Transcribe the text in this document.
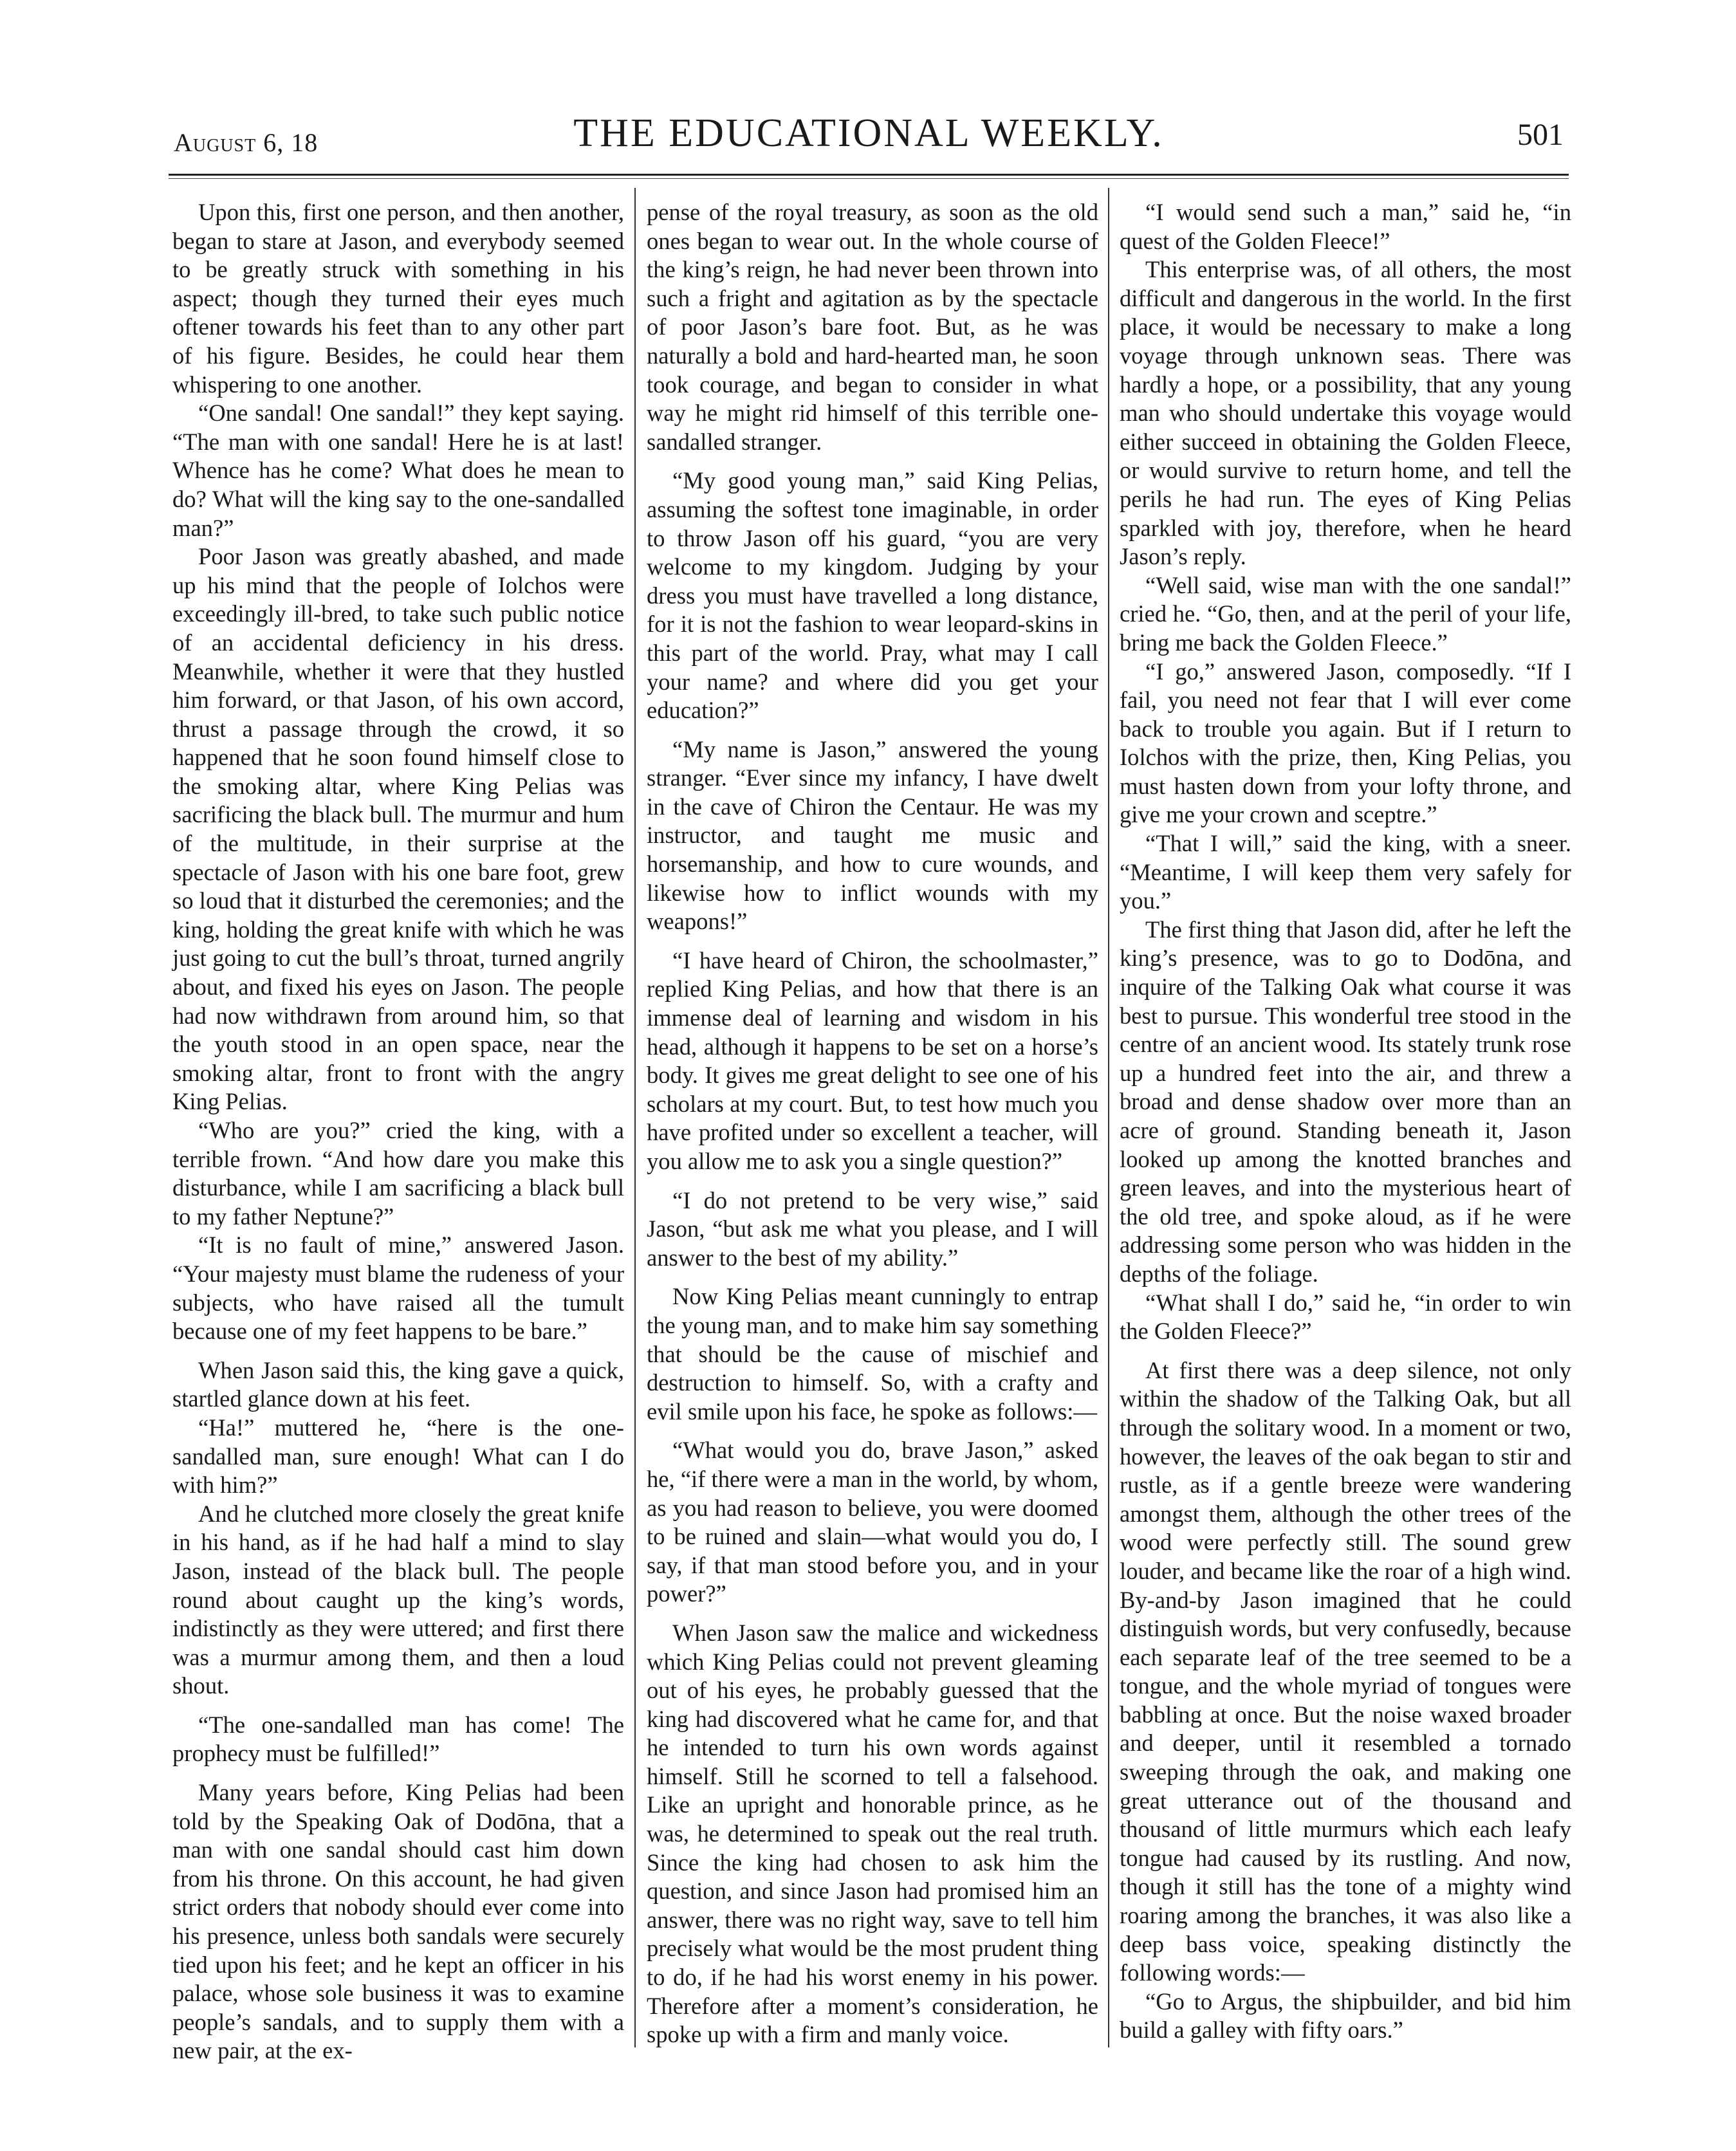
August 6, 18	THE EDUCATIONAL WEEKLY.	501

Upon this, first one person, and then another, began to stare at Jason, and everybody seemed to be greatly struck with something in his aspect; though they turned their eyes much oftener towards his feet than to any other part of his figure. Besides, he could hear them whispering to one another.

“One sandal! One sandal!” they kept saying. “The man with one sandal! Here he is at last! Whence has he come? What does he mean to do? What will the king say to the one-sandalled man?”

Poor Jason was greatly abashed, and made up his mind that the people of Iolchos were exceedingly ill-bred, to take such public notice of an accidental deficiency in his dress. Meanwhile, whether it were that they hustled him forward, or that Jason, of his own accord, thrust a passage through the crowd, it so happened that he soon found himself close to the smoking altar, where King Pelias was sacrificing the black bull. The murmur and hum of the multitude, in their surprise at the spectacle of Jason with his one bare foot, grew so loud that it disturbed the ceremonies; and the king, holding the great knife with which he was just going to cut the bull’s throat, turned angrily about, and fixed his eyes on Jason. The people had now withdrawn from around him, so that the youth stood in an open space, near the smoking altar, front to front with the angry King Pelias.

“Who are you?” cried the king, with a terrible frown. “And how dare you make this disturbance, while I am sacrificing a black bull to my father Neptune?”

“It is no fault of mine,” answered Jason. “Your majesty must blame the rudeness of your subjects, who have raised all the tumult because one of my feet happens to be bare.”

When Jason said this, the king gave a quick, startled glance down at his feet.

“Ha!” muttered he, “here is the one-sandalled man, sure enough! What can I do with him?”

And he clutched more closely the great knife in his hand, as if he had half a mind to slay Jason, instead of the black bull. The people round about caught up the king’s words, indistinctly as they were uttered; and first there was a murmur among them, and then a loud shout.

“The one-sandalled man has come! The prophecy must be fulfilled!”

Many years before, King Pelias had been told by the Speaking Oak of Dodōna, that a man with one sandal should cast him down from his throne. On this account, he had given strict orders that nobody should ever come into his presence, unless both sandals were securely tied upon his feet; and he kept an officer in his palace, whose sole business it was to examine people’s sandals, and to supply them with a new pair, at the ex-

pense of the royal treasury, as soon as the old ones began to wear out. In the whole course of the king’s reign, he had never been thrown into such a fright and agitation as by the spectacle of poor Jason’s bare foot. But, as he was naturally a bold and hard-hearted man, he soon took courage, and began to consider in what way he might rid himself of this terrible one-sandalled stranger.

“My good young man,” said King Pelias, assuming the softest tone imaginable, in order to throw Jason off his guard, “you are very welcome to my kingdom. Judging by your dress you must have travelled a long distance, for it is not the fashion to wear leopard-skins in this part of the world. Pray, what may I call your name? and where did you get your education?”

“My name is Jason,” answered the young stranger. “Ever since my infancy, I have dwelt in the cave of Chiron the Centaur. He was my instructor, and taught me music and horsemanship, and how to cure wounds, and likewise how to inflict wounds with my weapons!”

“I have heard of Chiron, the schoolmaster,” replied King Pelias, and how that there is an immense deal of learning and wisdom in his head, although it happens to be set on a horse’s body. It gives me great delight to see one of his scholars at my court. But, to test how much you have profited under so excellent a teacher, will you allow me to ask you a single question?”

“I do not pretend to be very wise,” said Jason, “but ask me what you please, and I will answer to the best of my ability.”

Now King Pelias meant cunningly to entrap the young man, and to make him say something that should be the cause of mischief and destruction to himself. So, with a crafty and evil smile upon his face, he spoke as follows:—

“What would you do, brave Jason,” asked he, “if there were a man in the world, by whom, as you had reason to believe, you were doomed to be ruined and slain—what would you do, I say, if that man stood before you, and in your power?”

When Jason saw the malice and wickedness which King Pelias could not prevent gleaming out of his eyes, he probably guessed that the king had discovered what he came for, and that he intended to turn his own words against himself. Still he scorned to tell a falsehood. Like an upright and honorable prince, as he was, he determined to speak out the real truth. Since the king had chosen to ask him the question, and since Jason had promised him an answer, there was no right way, save to tell him precisely what would be the most prudent thing to do, if he had his worst enemy in his power. Therefore after a moment’s consideration, he spoke up with a firm and manly voice.

“I would send such a man,” said he, “in quest of the Golden Fleece!”

This enterprise was, of all others, the most difficult and dangerous in the world. In the first place, it would be necessary to make a long voyage through unknown seas. There was hardly a hope, or a possibility, that any young man who should undertake this voyage would either succeed in obtaining the Golden Fleece, or would survive to return home, and tell the perils he had run. The eyes of King Pelias sparkled with joy, therefore, when he heard Jason’s reply.

“Well said, wise man with the one sandal!” cried he. “Go, then, and at the peril of your life, bring me back the Golden Fleece.”

“I go,” answered Jason, composedly. “If I fail, you need not fear that I will ever come back to trouble you again. But if I return to Iolchos with the prize, then, King Pelias, you must hasten down from your lofty throne, and give me your crown and sceptre.”

“That I will,” said the king, with a sneer. “Meantime, I will keep them very safely for you.”

The first thing that Jason did, after he left the king’s presence, was to go to Dodōna, and inquire of the Talking Oak what course it was best to pursue. This wonderful tree stood in the centre of an ancient wood. Its stately trunk rose up a hundred feet into the air, and threw a broad and dense shadow over more than an acre of ground. Standing beneath it, Jason looked up among the knotted branches and green leaves, and into the mysterious heart of the old tree, and spoke aloud, as if he were addressing some person who was hidden in the depths of the foliage.

“What shall I do,” said he, “in order to win the Golden Fleece?”

At first there was a deep silence, not only within the shadow of the Talking Oak, but all through the solitary wood. In a moment or two, however, the leaves of the oak began to stir and rustle, as if a gentle breeze were wandering amongst them, although the other trees of the wood were perfectly still. The sound grew louder, and became like the roar of a high wind. By-and-by Jason imagined that he could distinguish words, but very confusedly, because each separate leaf of the tree seemed to be a tongue, and the whole myriad of tongues were babbling at once. But the noise waxed broader and deeper, until it resembled a tornado sweeping through the oak, and making one great utterance out of the thousand and thousand of little murmurs which each leafy tongue had caused by its rustling. And now, though it still has the tone of a mighty wind roaring among the branches, it was also like a deep bass voice, speaking distinctly the following words:—

“Go to Argus, the shipbuilder, and bid him build a galley with fifty oars.”
